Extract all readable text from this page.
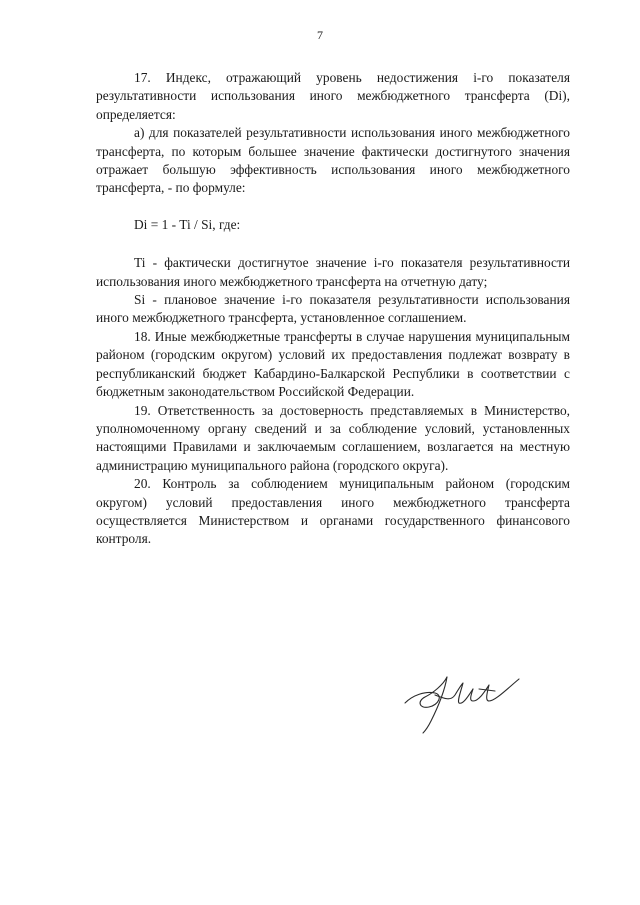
7

17. Индекс, отражающий уровень недостижения i-го показателя результативности использования иного межбюджетного трансферта (Di), определяется:

а) для показателей результативности использования иного межбюджетного трансферта, по которым большее значение фактически достигнутого значения отражает большую эффективность использования иного межбюджетного трансферта, - по формуле:

Di = 1 - Ti / Si, где:

Ti - фактически достигнутое значение i-го показателя результативности использования иного межбюджетного трансферта на отчетную дату;

Si - плановое значение i-го показателя результативности использования иного межбюджетного трансферта, установленное соглашением.

18. Иные межбюджетные трансферты в случае нарушения муниципальным районом (городским округом) условий их предоставления подлежат возврату в республиканский бюджет Кабардино-Балкарской Республики в соответствии с бюджетным законодательством Российской Федерации.

19. Ответственность за достоверность представляемых в Министерство, уполномоченному органу сведений и за соблюдение условий, установленных настоящими Правилами и заключаемым соглашением, возлагается на местную администрацию муниципального района (городского округа).

20. Контроль за соблюдением муниципальным районом (городским округом) условий предоставления иного межбюджетного трансферта осуществляется Министерством и органами государственного финансового контроля.
